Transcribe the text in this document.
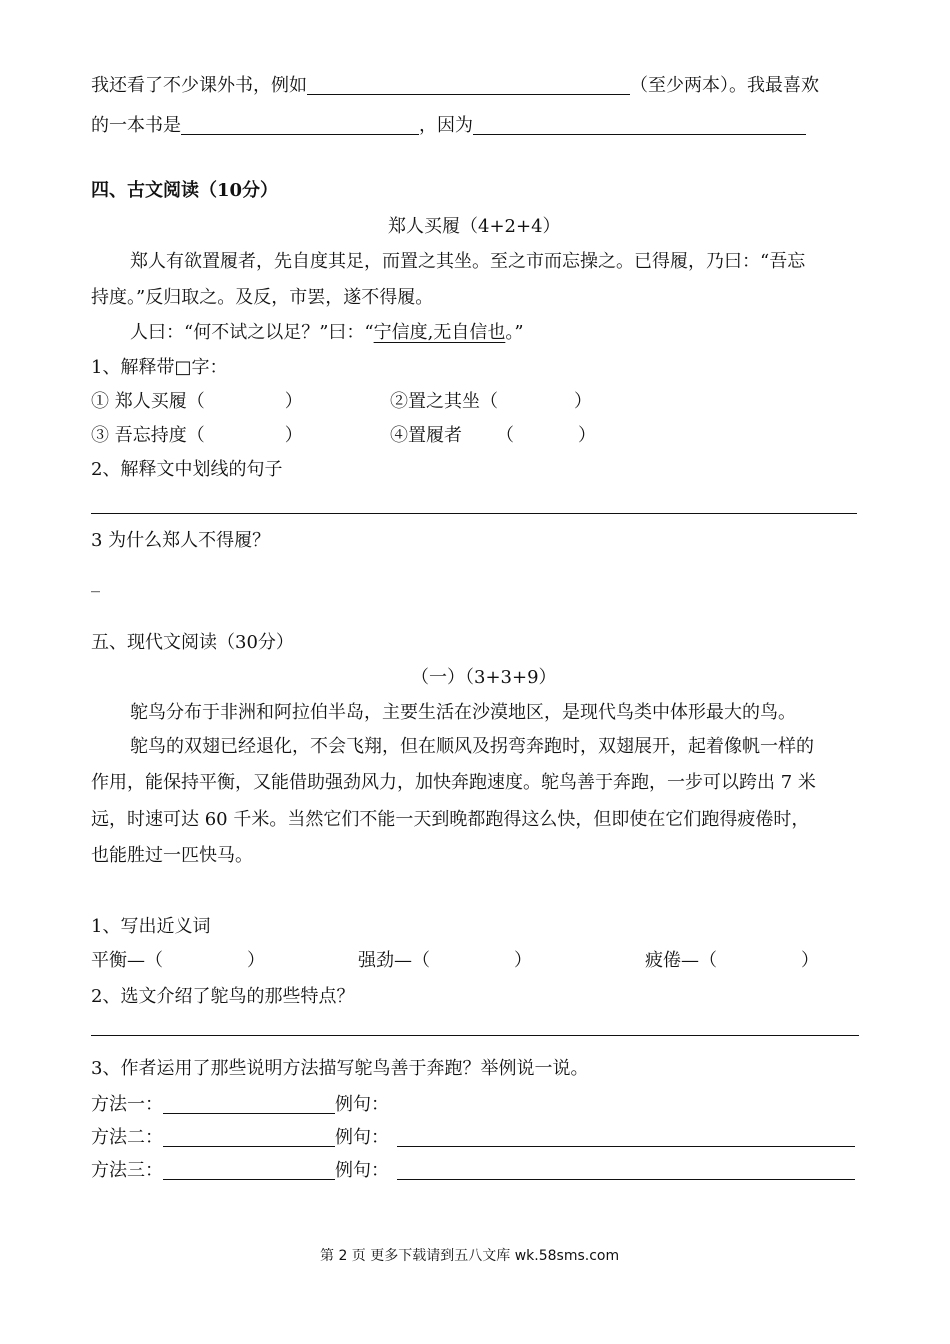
我还看了不少课外书，例如	（至少两本）。我最喜欢
的一本书是	，因为
四、古文阅读（10分）
郑人买履（4+2+4）
郑人有欲置履者，先自度其足，而置之其坐。至之市而忘操之。已得履，乃曰：“吾忘
持度。”反归取之。及反，市罢，遂不得履。
人曰：“何不试之以足？”曰：“宁信度,无自信也。”
1、解释带□字：
① 郑人买履（	）	②置之其坐（	）
③ 吾忘持度（	）	④置履者 （	）
2、解释文中划线的句子
3 为什么郑人不得履？
_
五、现代文阅读（30分）
（一）（3+3+9）
鸵鸟分布于非洲和阿拉伯半岛，主要生活在沙漠地区，是现代鸟类中体形最大的鸟。
鸵鸟的双翅已经退化，不会飞翔，但在顺风及拐弯奔跑时，双翅展开，起着像帆一样的
作用，能保持平衡，又能借助强劲风力，加快奔跑速度。鸵鸟善于奔跑，一步可以跨出 7 米
远，时速可达 60 千米。当然它们不能一天到晚都跑得这么快，但即使在它们跑得疲倦时，
也能胜过一匹快马。
1、写出近义词
平衡—（	）	强劲—（	）	疲倦—（	）
2、选文介绍了鸵鸟的那些特点？
3、作者运用了那些说明方法描写鸵鸟善于奔跑？举例说一说。
方法一：	例句：
方法二：	例句：
方法三：	例句：
第 2 页 更多下载请到五八文库 wk.58sms.com
